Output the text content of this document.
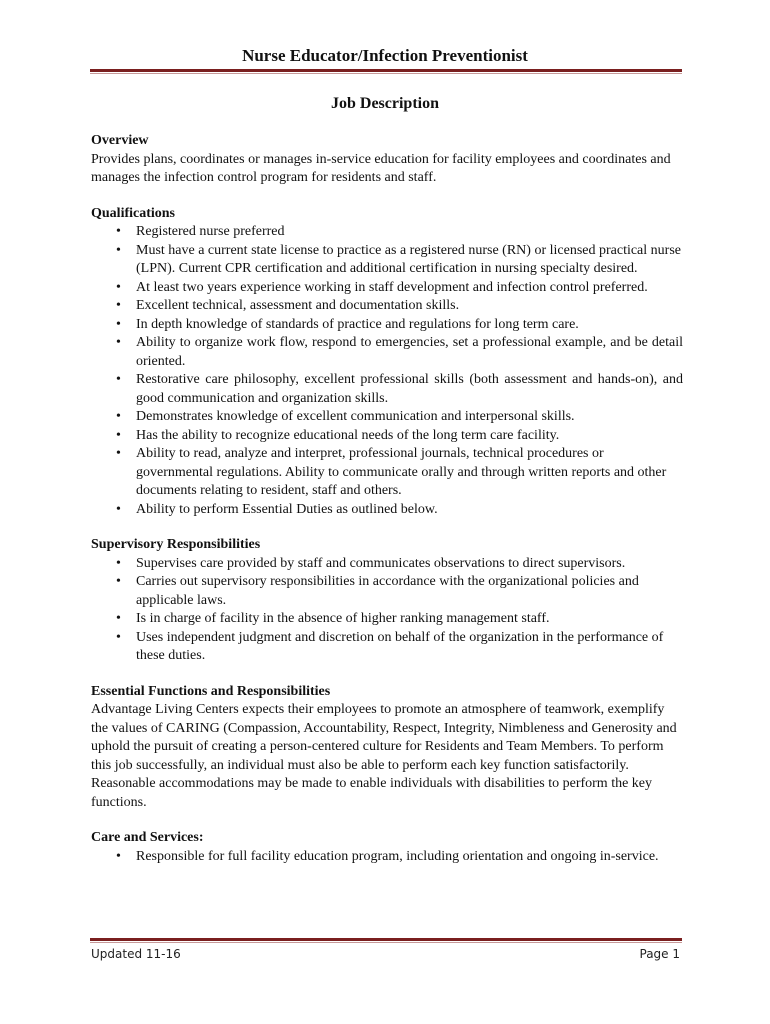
Nurse Educator/Infection Preventionist
Job Description
Overview

Provides plans, coordinates or manages in-service education for facility employees and coordinates and manages the infection control program for residents and staff.

Qualifications
• Registered nurse preferred
• Must have a current state license to practice as a registered nurse (RN) or licensed practical nurse (LPN). Current CPR certification and additional certification in nursing specialty desired.
• At least two years experience working in staff development and infection control preferred.
• Excellent technical, assessment and documentation skills.
• In depth knowledge of standards of practice and regulations for long term care.
• Ability to organize work flow, respond to emergencies, set a professional example, and be detail oriented.
• Restorative care philosophy, excellent professional skills (both assessment and hands-on), and good communication and organization skills.
• Demonstrates knowledge of excellent communication and interpersonal skills.
• Has the ability to recognize educational needs of the long term care facility.
• Ability to read, analyze and interpret, professional journals, technical procedures or governmental regulations. Ability to communicate orally and through written reports and other documents relating to resident, staff and others.
• Ability to perform Essential Duties as outlined below.
Supervisory Responsibilities
• Supervises care provided by staff and communicates observations to direct supervisors.
• Carries out supervisory responsibilities in accordance with the organizational policies and applicable laws.
• Is in charge of facility in the absence of higher ranking management staff.
• Uses independent judgment and discretion on behalf of the organization in the performance of these duties.
Essential Functions and Responsibilities

Advantage Living Centers expects their employees to promote an atmosphere of teamwork, exemplify the values of CARING (Compassion, Accountability, Respect, Integrity, Nimbleness and Generosity and uphold the pursuit of creating a person-centered culture for Residents and Team Members. To perform this job successfully, an individual must also be able to perform each key function satisfactorily. Reasonable accommodations may be made to enable individuals with disabilities to perform the key functions.

Care and Services:
• Responsible for full facility education program, including orientation and ongoing in-service.
Updated 11-16	Page 1
